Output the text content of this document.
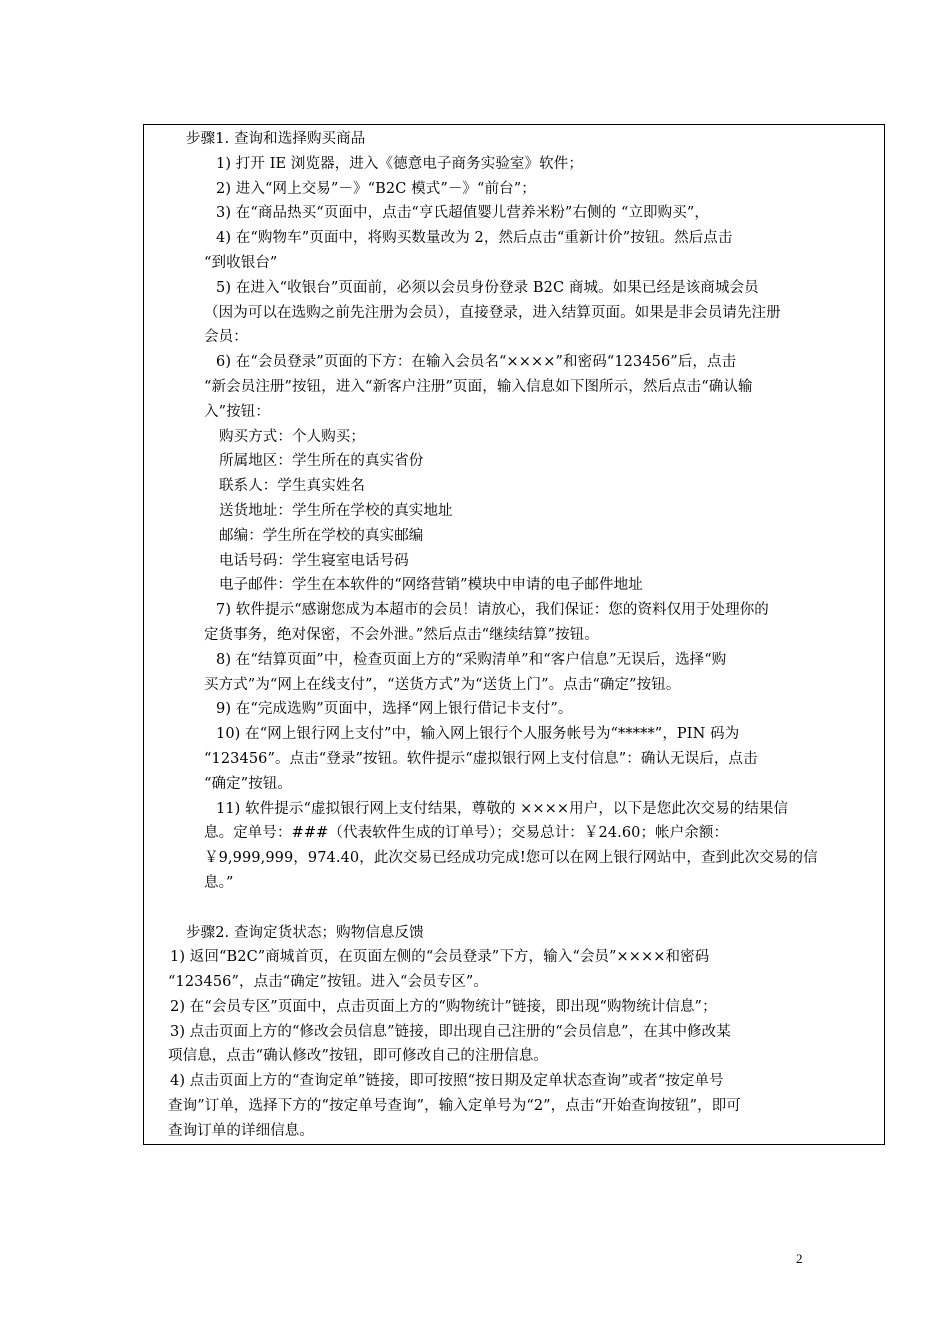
步骤1. 查询和选择购买商品
1) 打开 IE 浏览器，进入《德意电子商务实验室》软件；
2) 进入“网上交易”－》“B2C 模式”－》“前台”；
3) 在“商品热买“页面中，点击“亨氏超值婴儿营养米粉”右侧的 “立即购买”，
4) 在“购物车”页面中，将购买数量改为 2，然后点击“重新计价”按钮。然后点击
“到收银台”
5) 在进入“收银台”页面前，必须以会员身份登录 B2C 商城。如果已经是该商城会员
（因为可以在选购之前先注册为会员），直接登录，进入结算页面。如果是非会员请先注册
会员：
6) 在“会员登录”页面的下方：在输入会员名“××××”和密码“123456”后，点击
“新会员注册”按钮，进入“新客户注册”页面，输入信息如下图所示，然后点击“确认输
入”按钮：
购买方式：个人购买；
所属地区：学生所在的真实省份
联系人：学生真实姓名
送货地址：学生所在学校的真实地址
邮编：学生所在学校的真实邮编
电话号码：学生寝室电话号码
电子邮件：学生在本软件的“网络营销”模块中申请的电子邮件地址
7) 软件提示“感谢您成为本超市的会员！请放心，我们保证：您的资料仅用于处理你的
定货事务，绝对保密，不会外泄。”然后点击“继续结算”按钮。
8) 在“结算页面”中，检查页面上方的“采购清单”和“客户信息”无误后，选择“购
买方式”为“网上在线支付”，“送货方式”为“送货上门”。点击“确定”按钮。
9) 在“完成选购”页面中，选择“网上银行借记卡支付”。
10) 在“网上银行网上支付”中，输入网上银行个人服务帐号为“*****”，PIN 码为
“123456”。点击“登录”按钮。软件提示“虚拟银行网上支付信息”：确认无误后，点击
“确定”按钮。
11) 软件提示“虚拟银行网上支付结果，尊敬的 ××××用户，以下是您此次交易的结果信
息。定单号：###（代表软件生成的订单号）；交易总计：￥24.60；帐户余额：
￥9,999,999，974.40，此次交易已经成功完成!您可以在网上银行网站中，查到此次交易的信
息。”
步骤2. 查询定货状态；购物信息反馈
1) 返回“B2C”商城首页，在页面左侧的“会员登录”下方，输入“会员”××××和密码
“123456”，点击“确定”按钮。进入“会员专区”。
2) 在“会员专区”页面中，点击页面上方的“购物统计”链接，即出现“购物统计信息”；
3) 点击页面上方的“修改会员信息”链接，即出现自己注册的“会员信息”，在其中修改某
项信息，点击“确认修改”按钮，即可修改自己的注册信息。
4) 点击页面上方的“查询定单”链接，即可按照“按日期及定单状态查询”或者“按定单号
查询”订单，选择下方的“按定单号查询”，输入定单号为“2”，点击“开始查询按钮”，即可
查询订单的详细信息。
2
